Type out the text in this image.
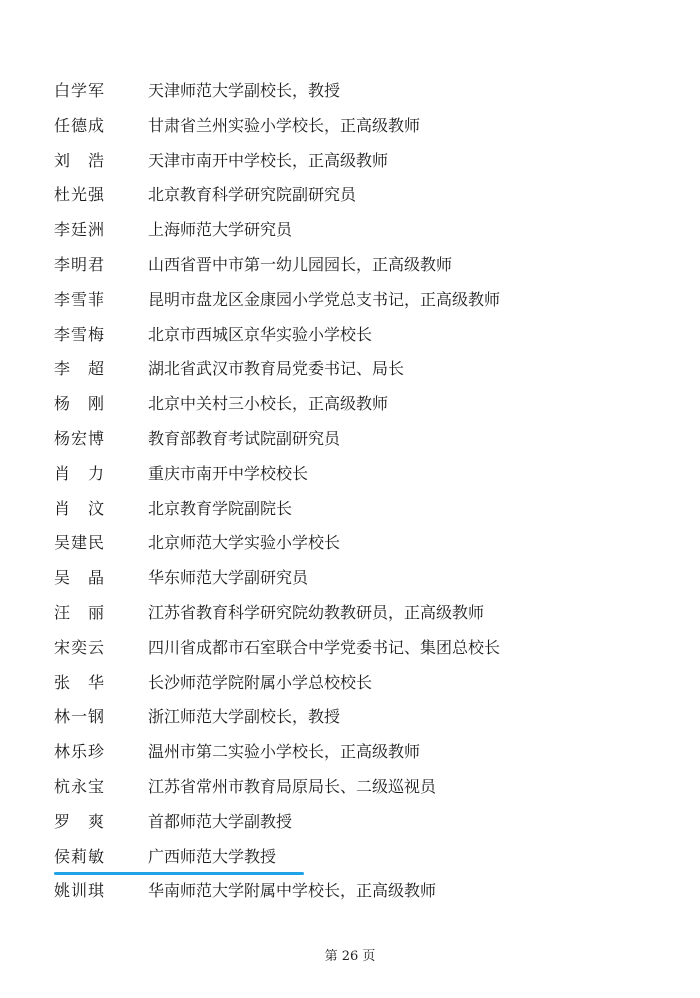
白学军	天津师范大学副校长，教授
任德成	甘肃省兰州实验小学校长，正高级教师
刘　浩	天津市南开中学校长，正高级教师
杜光强	北京教育科学研究院副研究员
李廷洲	上海师范大学研究员
李明君	山西省晋中市第一幼儿园园长，正高级教师
李雪菲	昆明市盘龙区金康园小学党总支书记，正高级教师
李雪梅	北京市西城区京华实验小学校长
李　超	湖北省武汉市教育局党委书记、局长
杨　刚	北京中关村三小校长，正高级教师
杨宏博	教育部教育考试院副研究员
肖　力	重庆市南开中学校校长
肖　汶	北京教育学院副院长
吴建民	北京师范大学实验小学校长
吴　晶	华东师范大学副研究员
汪　丽	江苏省教育科学研究院幼教教研员，正高级教师
宋奕云	四川省成都市石室联合中学党委书记、集团总校长
张　华	长沙师范学院附属小学总校校长
林一钢	浙江师范大学副校长，教授
林乐珍	温州市第二实验小学校长，正高级教师
杭永宝	江苏省常州市教育局原局长、二级巡视员
罗　爽	首都师范大学副教授
侯莉敏	广西师范大学教授
姚训琪	华南师范大学附属中学校长，正高级教师
第 26 页
